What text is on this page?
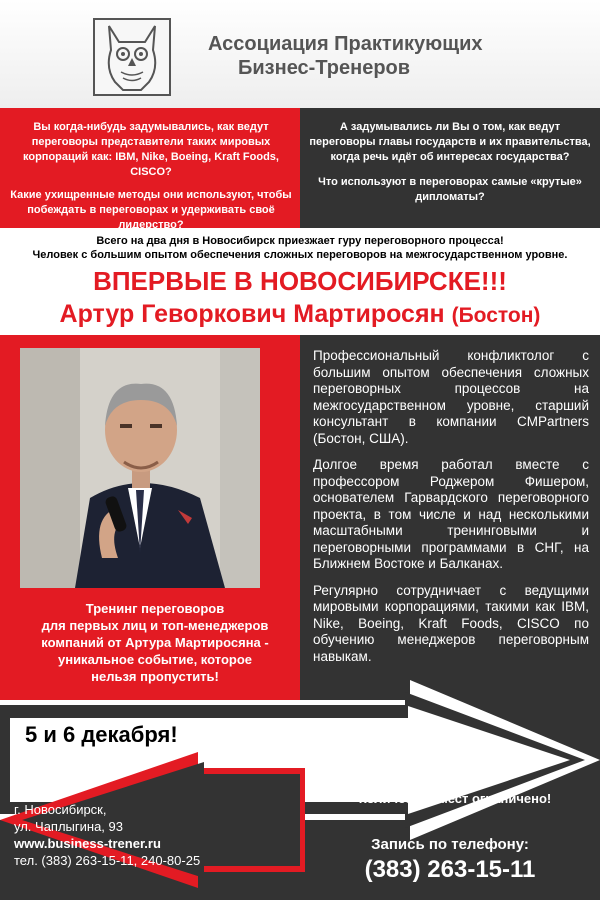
Ассоциация Практикующих
Бизнес-Тренеров

Вы когда-нибудь задумывались, как ведут переговоры представители таких мировых корпораций как: IBM, Nike, Boeing, Kraft Foods, CISCO?

Какие ухищренные методы они используют, чтобы побеждать в переговорах и удерживать своё лидерство?

А задумывались ли Вы о том, как ведут переговоры главы государств и их правительства, когда речь идёт об интересах государства?

Что используют в переговорах самые «крутые» дипломаты?

Всего на два дня в Новосибирск приезжает гуру переговорного процесса!
Человек с большим опытом обеспечения сложных переговоров на межгосударственном уровне.
ВПЕРВЫЕ В НОВОСИБИРСКЕ!!!
Артур Геворкович Мартиросян (Бостон)
Тренинг переговоров
для первых лиц и топ-менеджеров
компаний от Артура Мартиросяна -
уникальное событие, которое
нельзя пропустить!

Профессиональный конфликтолог с большим опытом обеспечения сложных переговорных процессов на межгосударственном уровне, старший консультант в компании CMPartners (Бостон, США).

Долгое время работал вместе с профессором Роджером Фишером, основателем Гарвардского переговорного проекта, в том числе и над несколькими масштабными тренинговыми и переговорными программами в СНГ, на Ближнем Востоке и Балканах.

Регулярно сотрудничает с ведущими мировыми корпорациями, такими как IBM, Nike, Boeing, Kraft Foods, CISCO по обучению менеджеров переговорным навыкам.

5 и 6 декабря!
г. Новосибирск,
ул. Чаплыгина, 93
www.business-trener.ru
тел. (383) 263-15-11, 240-80-25
Количество мест ограничено!
Запись по телефону:
(383) 263-15-11
